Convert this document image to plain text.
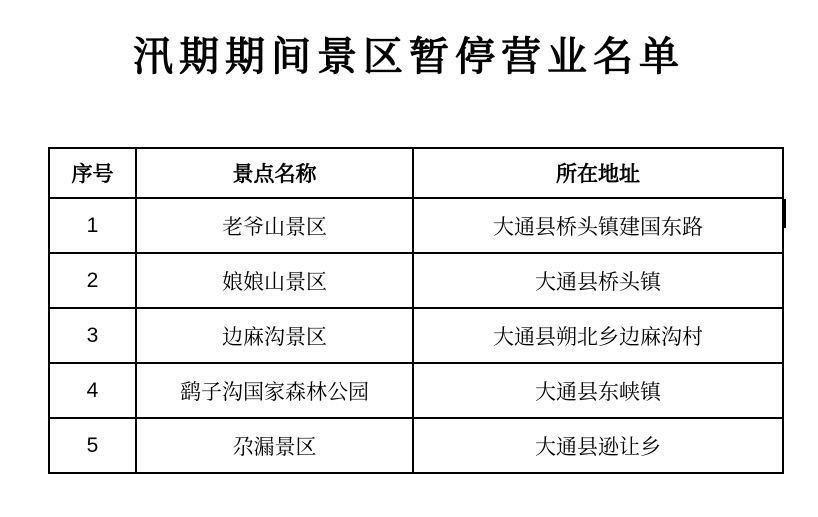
汛期期间景区暂停营业名单
序号	景点名称	所在地址
1	老爷山景区	大通县桥头镇建国东路
2	娘娘山景区	大通县桥头镇
3	边麻沟景区	大通县朔北乡边麻沟村
4	鹞子沟国家森林公园	大通县东峡镇
5	尕漏景区	大通县逊让乡
